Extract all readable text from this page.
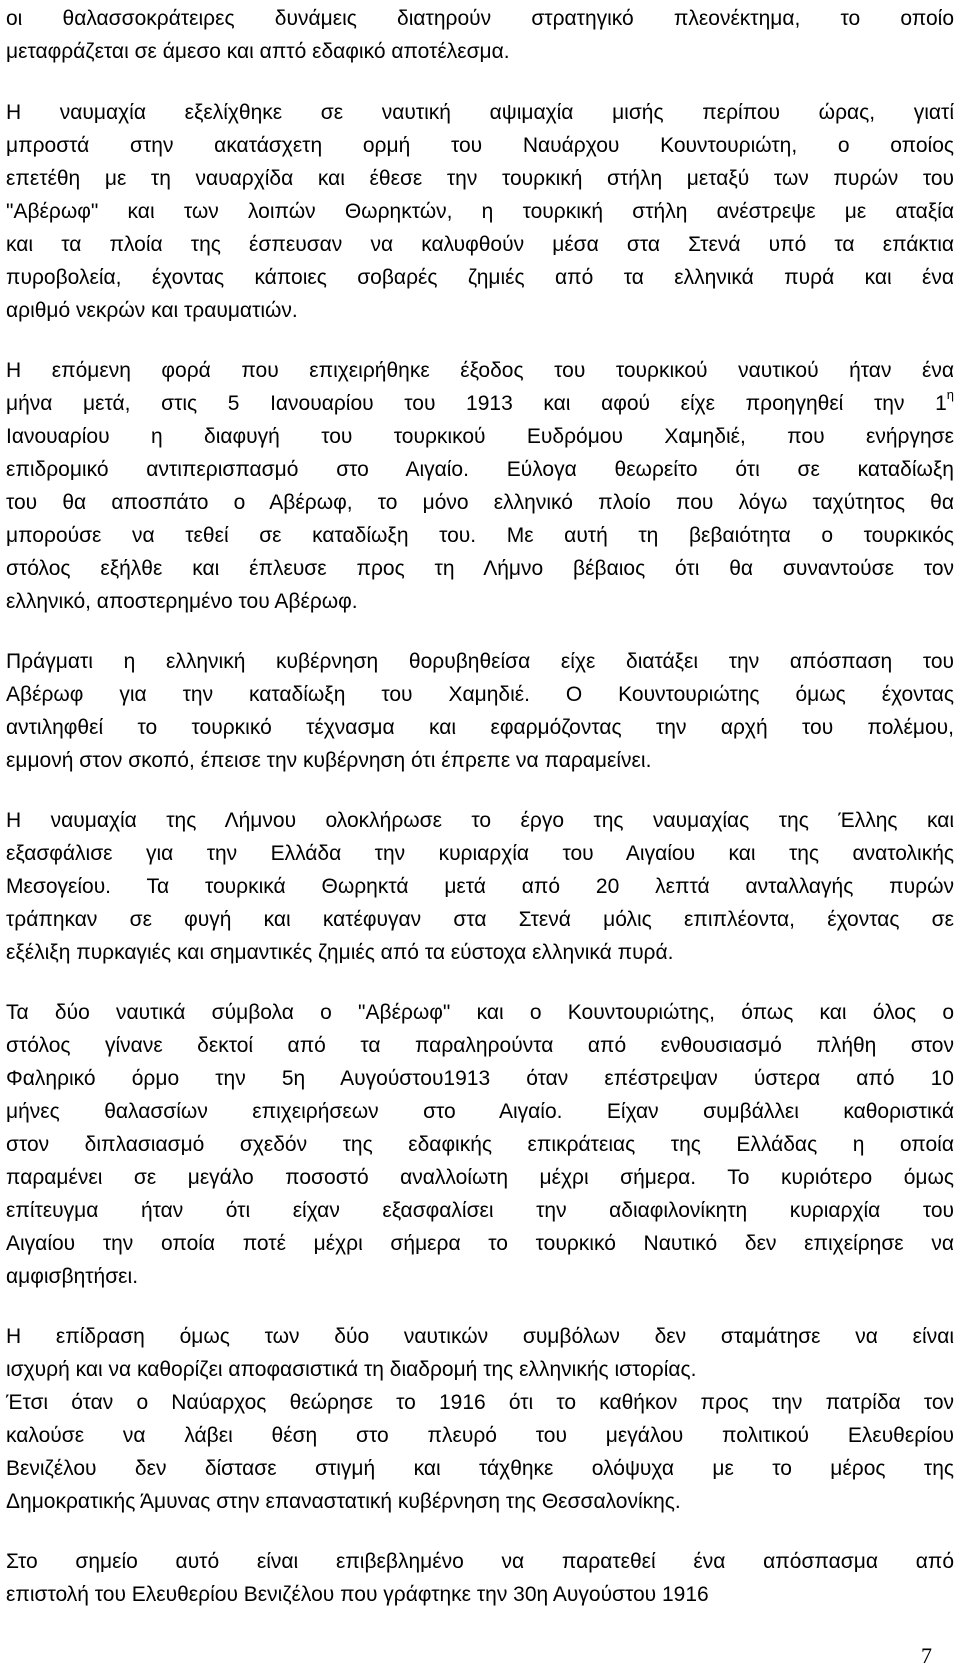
οι θαλασσοκράτειρες δυνάμεις διατηρούν στρατηγικό πλεονέκτημα, το οποίο
μεταφράζεται σε άμεσο και απτό εδαφικό αποτέλεσμα.

Η ναυμαχία εξελίχθηκε σε ναυτική αψιμαχία μισής περίπου ώρας, γιατί
μπροστά στην ακατάσχετη ορμή του Ναυάρχου Κουντουριώτη, ο οποίος
επετέθη με τη ναυαρχίδα και έθεσε την τουρκική στήλη μεταξύ των πυρών του
"Αβέρωφ" και των λοιπών Θωρηκτών, η τουρκική στήλη ανέστρεψε με αταξία
και τα πλοία της έσπευσαν να καλυφθούν μέσα στα Στενά υπό τα επάκτια
πυροβολεία, έχοντας κάποιες σοβαρές ζημιές από τα ελληνικά πυρά και ένα
αριθμό νεκρών και τραυματιών.

Η επόμενη φορά που επιχειρήθηκε έξοδος του τουρκικού ναυτικού ήταν ένα
μήνα μετά, στις 5 Ιανουαρίου του 1913 και αφού είχε προηγηθεί την $1^\eta$
Ιανουαρίου η διαφυγή του τουρκικού Ευδρόμου Χαμηδιέ, που ενήργησε
επιδρομικό αντιπερισπασμό στο Αιγαίο. Εύλογα θεωρείτο ότι σε καταδίωξη
του θα αποσπάτο ο Αβέρωφ, το μόνο ελληνικό πλοίο που λόγω ταχύτητος θα
μπορούσε να τεθεί σε καταδίωξη του. Με αυτή τη βεβαιότητα ο τουρκικός
στόλος εξήλθε και έπλευσε προς τη Λήμνο βέβαιος ότι θα συναντούσε τον
ελληνικό, αποστερημένο του Αβέρωφ.

Πράγματι η ελληνική κυβέρνηση θορυβηθείσα είχε διατάξει την απόσπαση του
Αβέρωφ για την καταδίωξη του Χαμηδιέ. Ο Κουντουριώτης όμως έχοντας
αντιληφθεί το τουρκικό τέχνασμα και εφαρμόζοντας την αρχή του πολέμου,
εμμονή στον σκοπό, έπεισε την κυβέρνηση ότι έπρεπε να παραμείνει.

Η ναυμαχία της Λήμνου ολοκλήρωσε το έργο της ναυμαχίας της Έλλης και
εξασφάλισε για την Ελλάδα την κυριαρχία του Αιγαίου και της ανατολικής
Μεσογείου. Τα τουρκικά Θωρηκτά μετά από 20 λεπτά ανταλλαγής πυρών
τράπηκαν σε φυγή και κατέφυγαν στα Στενά μόλις επιπλέοντα, έχοντας σε
εξέλιξη πυρκαγιές και σημαντικές ζημιές από τα εύστοχα ελληνικά πυρά.

Τα δύο ναυτικά σύμβολα ο "Αβέρωφ" και ο Κουντουριώτης, όπως και όλος ο
στόλος γίνανε δεκτοί από τα παραληρούντα από ενθουσιασμό πλήθη στον
Φαληρικό όρμο την 5η Αυγούστου1913 όταν επέστρεψαν ύστερα από 10
μήνες θαλασσίων επιχειρήσεων στο Αιγαίο. Είχαν συμβάλλει καθοριστικά
στον διπλασιασμό σχεδόν της εδαφικής επικράτειας της Ελλάδας η οποία
παραμένει σε μεγάλο ποσοστό αναλλοίωτη μέχρι σήμερα. Το κυριότερο όμως
επίτευγμα ήταν ότι είχαν εξασφαλίσει την αδιαφιλονίκητη κυριαρχία του
Αιγαίου την οποία ποτέ μέχρι σήμερα το τουρκικό Ναυτικό δεν επιχείρησε να
αμφισβητήσει.

Η επίδραση όμως των δύο ναυτικών συμβόλων δεν σταμάτησε να είναι
ισχυρή και να καθορίζει αποφασιστικά τη διαδρομή της ελληνικής ιστορίας.
Έτσι όταν ο Ναύαρχος θεώρησε το 1916 ότι το καθήκον προς την πατρίδα τον
καλούσε να λάβει θέση στο πλευρό του μεγάλου πολιτικού Ελευθερίου
Βενιζέλου δεν δίστασε στιγμή και τάχθηκε ολόψυχα με το μέρος της
Δημοκρατικής Άμυνας στην επαναστατική κυβέρνηση της Θεσσαλονίκης.

Στο σημείο αυτό είναι επιβεβλημένο να παρατεθεί ένα απόσπασμα από
επιστολή του Ελευθερίου Βενιζέλου που γράφτηκε την 30η Αυγούστου 1916

7
